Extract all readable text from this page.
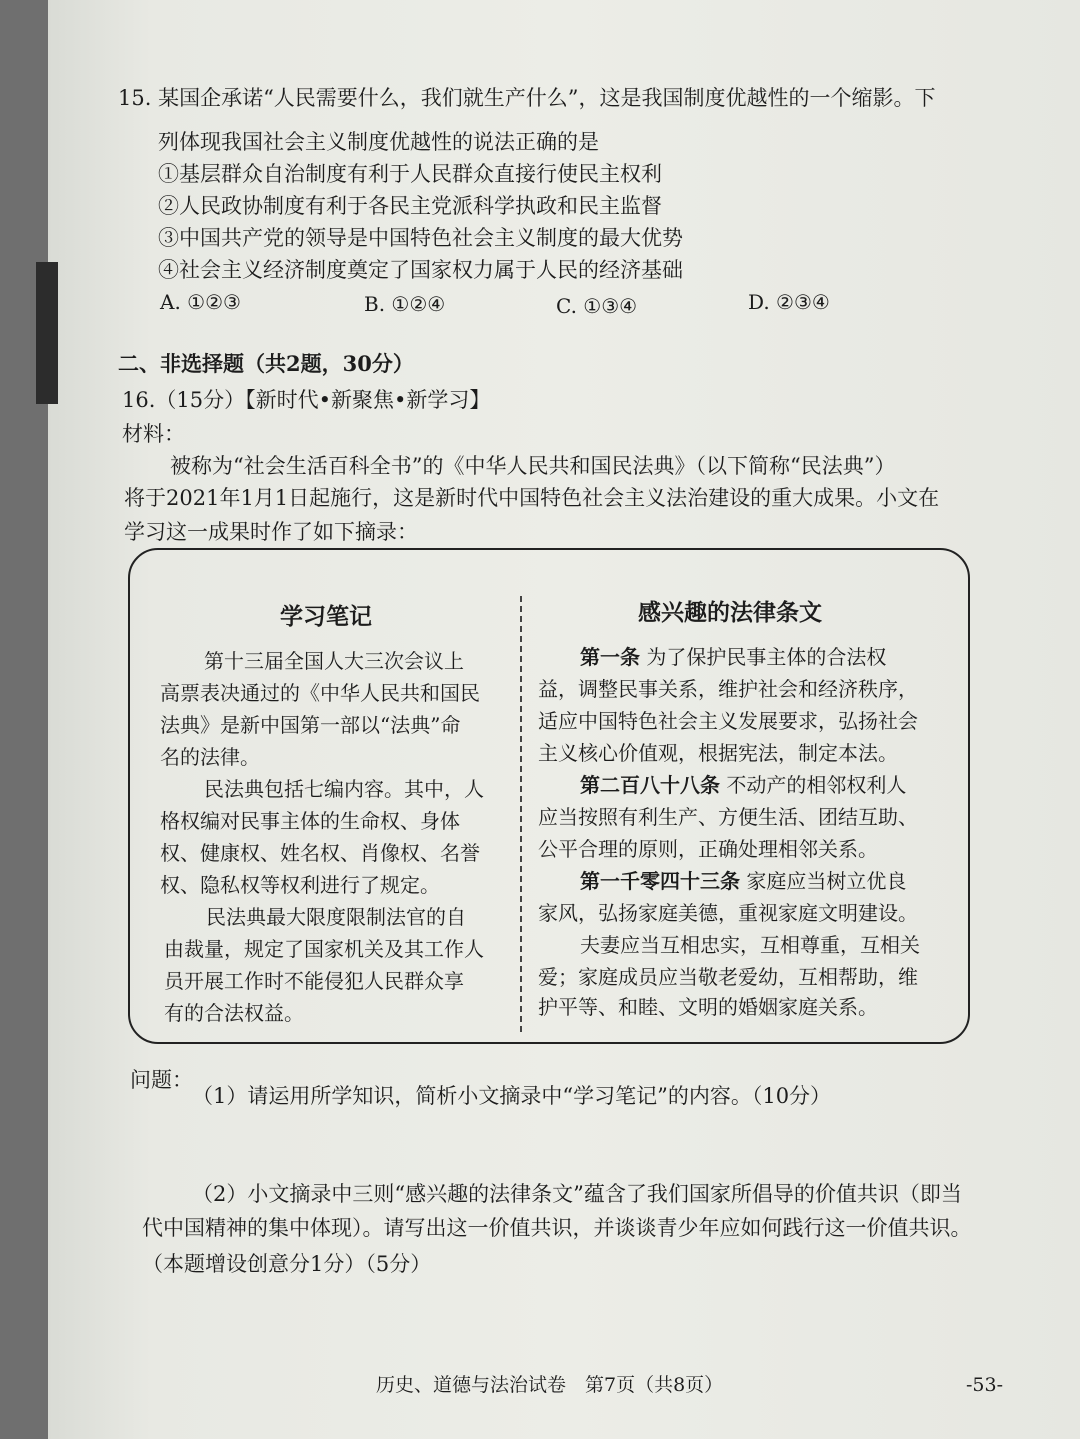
15. 某国企承诺“人民需要什么，我们就生产什么”，这是我国制度优越性的一个缩影。下
列体现我国社会主义制度优越性的说法正确的是
①基层群众自治制度有利于人民群众直接行使民主权利
②人民政协制度有利于各民主党派科学执政和民主监督
③中国共产党的领导是中国特色社会主义制度的最大优势
④社会主义经济制度奠定了国家权力属于人民的经济基础
A. ①②③	B. ①②④	C. ①③④	D. ②③④
二、非选择题（共2题，30分）
16.（15分）【新时代•新聚焦•新学习】
材料：
被称为“社会生活百科全书”的《中华人民共和国民法典》（以下简称“民法典”）
将于2021年1月1日起施行，这是新时代中国特色社会主义法治建设的重大成果。小文在
学习这一成果时作了如下摘录：
学习笔记	感兴趣的法律条文
第十三届全国人大三次会议上
高票表决通过的《中华人民共和国民
法典》是新中国第一部以“法典”命
名的法律。
民法典包括七编内容。其中，人
格权编对民事主体的生命权、身体
权、健康权、姓名权、肖像权、名誉
权、隐私权等权利进行了规定。
民法典最大限度限制法官的自
由裁量，规定了国家机关及其工作人
员开展工作时不能侵犯人民群众享
有的合法权益。
第一条 为了保护民事主体的合法权
益，调整民事关系，维护社会和经济秩序，
适应中国特色社会主义发展要求，弘扬社会
主义核心价值观，根据宪法，制定本法。
第二百八十八条 不动产的相邻权利人
应当按照有利生产、方便生活、团结互助、
公平合理的原则，正确处理相邻关系。
第一千零四十三条 家庭应当树立优良
家风，弘扬家庭美德，重视家庭文明建设。
夫妻应当互相忠实，互相尊重，互相关
爱；家庭成员应当敬老爱幼，互相帮助，维
护平等、和睦、文明的婚姻家庭关系。
问题：
（1）请运用所学知识，简析小文摘录中“学习笔记”的内容。（10分）
（2）小文摘录中三则“感兴趣的法律条文”蕴含了我们国家所倡导的价值共识（即当
代中国精神的集中体现）。请写出这一价值共识，并谈谈青少年应如何践行这一价值共识。
（本题增设创意分1分）（5分）
历史、道德与法治试卷　第7页（共8页）	-53-
